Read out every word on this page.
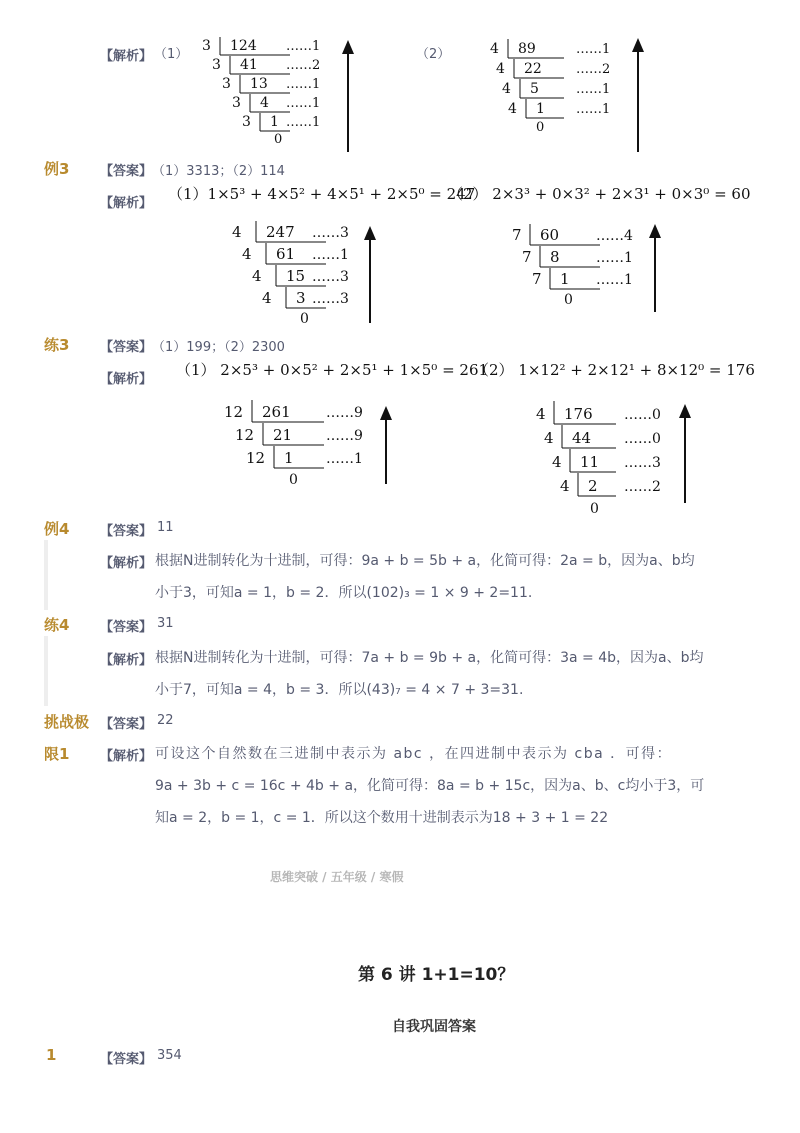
【解析】 （1）	（2）
3 124 ……1
3 41 ……2
3 13 ……1
3 4 ……1
3 1 ……1
0
4 89	……1
4 22	……2
4 5	……1
4 1 ……1
0
例3 【答案】 （1）3313；（2）114
【解析】
（1）1×5³ + 4×5² + 4×5¹ + 2×5⁰ = 247
（2） 2×3³ + 0×3² + 2×3¹ + 0×3⁰ = 60
4 247 ……3
4 61 ……1
4 15 ……3
4 3 ……3
0
7 60	……4
7 8	……1
7 1 ……1
0
练3 【答案】 （1）199；（2）2300
【解析】
（1） 2×5³ + 0×5² + 2×5¹ + 1×5⁰ = 261
（2） 1×12² + 2×12¹ + 8×12⁰ = 176
12 261	……9
12 21 ……9
12 1 ……1
0
4 176 ……0
4 44 ……0
4 11 ……3
4 2 ……2
0
例4 【答案】 11
【解析】 根据N进制转化为十进制，可得：9a + b = 5b + a，化简可得：2a = b，因为a、b均
小于3，可知a = 1，b = 2．所以(102)₃ = 1 × 9 + 2=11.
练4 【答案】 31
【解析】 根据N进制转化为十进制，可得：7a + b = 9b + a，化简可得：3a = 4b，因为a、b均
小于7，可知a = 4，b = 3．所以(43)₇ = 4 × 7 + 3=31.
挑战极 【答案】 22
限1 【解析】 可设这个自然数在三进制中表示为 abc ，在四进制中表示为 cba ．可得：
9a + 3b + c = 16c + 4b + a，化简可得：8a = b + 15c，因为a、b、c均小于3，可
知a = 2，b = 1，c = 1．所以这个数用十进制表示为18 + 3 + 1 = 22
思维突破 / 五年级 / 寒假
第 6 讲 1+1=10？
自我巩固答案
1	【答案】 354
